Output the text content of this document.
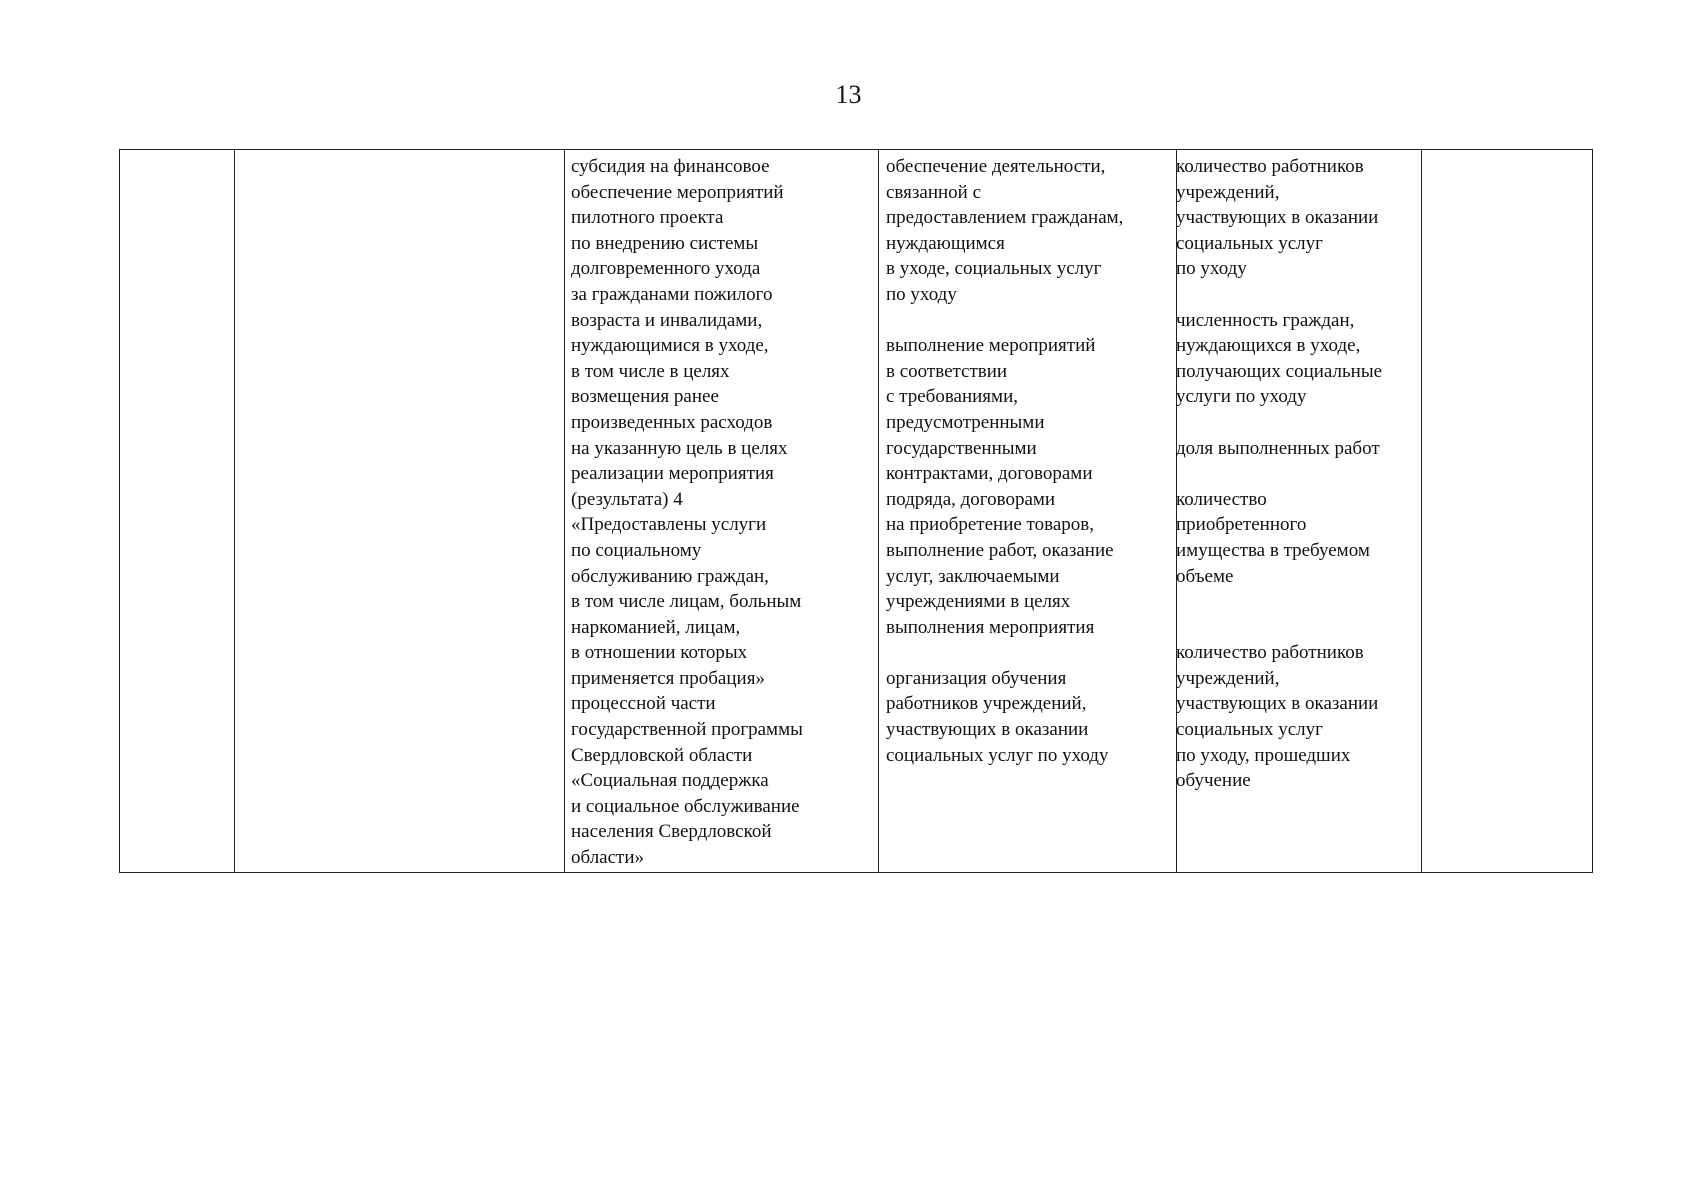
13
субсидия на финансовое
обеспечение мероприятий
пилотного проекта
по внедрению системы
долговременного ухода
за гражданами пожилого
возраста и инвалидами,
нуждающимися в уходе,
в том числе в целях
возмещения ранее
произведенных расходов
на указанную цель в целях
реализации мероприятия
(результата) 4
«Предоставлены услуги
по социальному
обслуживанию граждан,
в том числе лицам, больным
наркоманией, лицам,
в отношении которых
применяется пробация»
процессной части
государственной программы
Свердловской области
«Социальная поддержка
и социальное обслуживание
населения Свердловской
области»
обеспечение деятельности,
связанной с
предоставлением гражданам,
нуждающимся
в уходе, социальных услуг
по уходу
выполнение мероприятий
в соответствии
с требованиями,
предусмотренными
государственными
контрактами, договорами
подряда, договорами
на приобретение товаров,
выполнение работ, оказание
услуг, заключаемыми
учреждениями в целях
выполнения мероприятия
организация обучения
работников учреждений,
участвующих в оказании
социальных услуг по уходу
количество работников
учреждений,
участвующих в оказании
социальных услуг
по уходу
численность граждан,
нуждающихся в уходе,
получающих социальные
услуги по уходу
доля выполненных работ
количество
приобретенного
имущества в требуемом
объеме
количество работников
учреждений,
участвующих в оказании
социальных услуг
по уходу, прошедших
обучение
